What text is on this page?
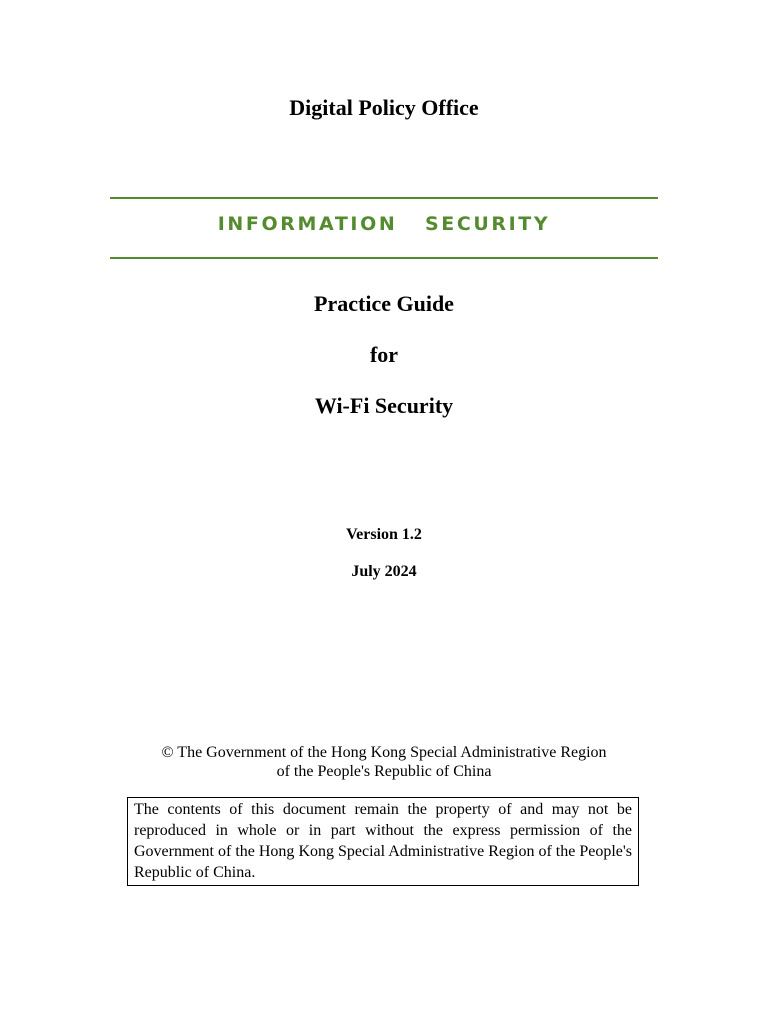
Digital Policy Office
INFORMATION   SECURITY
Practice Guide
for
Wi-Fi Security
Version 1.2
July 2024
© The Government of the Hong Kong Special Administrative Region
of the People's Republic of China
The contents of this document remain the property of and may not be reproduced in whole or in part without the express permission of the Government of the Hong Kong Special Administrative Region of the People's Republic of China.
